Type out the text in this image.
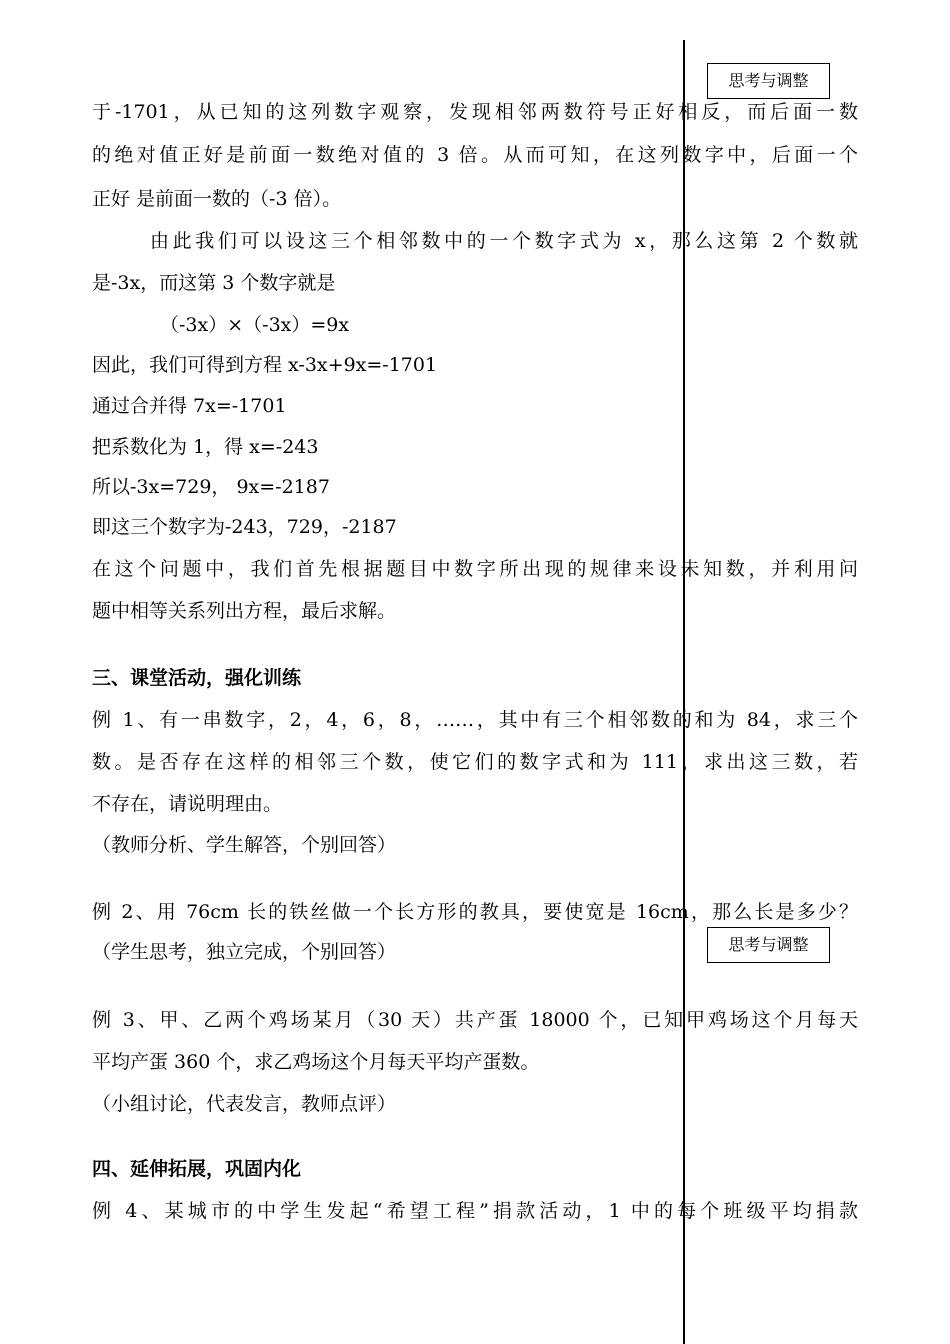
思考与调整
思考与调整
于-1701，从已知的这列数字观察，发现相邻两数符号正好相反，而后面一数
的绝对值正好是前面一数绝对值的 3 倍。从而可知，在这列数字中，后面一个
正好 是前面一数的（-3 倍）。
由此我们可以设这三个相邻数中的一个数字式为 x，那么这第 2 个数就
是-3x，而这第 3 个数字就是
（-3x）×（-3x）=9x
因此，我们可得到方程 x-3x+9x=-1701
通过合并得 7x=-1701
把系数化为 1，得 x=-243
所以-3x=729， 9x=-2187
即这三个数字为-243，729，-2187
在这个问题中，我们首先根据题目中数字所出现的规律来设未知数，并利用问
题中相等关系列出方程，最后求解。
三、课堂活动，强化训练
例 1、有一串数字，2，4，6，8，……，其中有三个相邻数的和为 84，求三个
数。是否存在这样的相邻三个数，使它们的数字式和为 111，求出这三数，若
不存在，请说明理由。
（教师分析、学生解答，个别回答）
例 2、用 76cm 长的铁丝做一个长方形的教具，要使宽是 16cm，那么长是多少？
（学生思考，独立完成，个别回答）
例 3、甲、乙两个鸡场某月（30 天）共产蛋 18000 个，已知甲鸡场这个月每天
平均产蛋 360 个，求乙鸡场这个月每天平均产蛋数。
（小组讨论，代表发言，教师点评）
四、延伸拓展，巩固内化
例 4、某城市的中学生发起“希望工程”捐款活动，1 中的每个班级平均捐款
